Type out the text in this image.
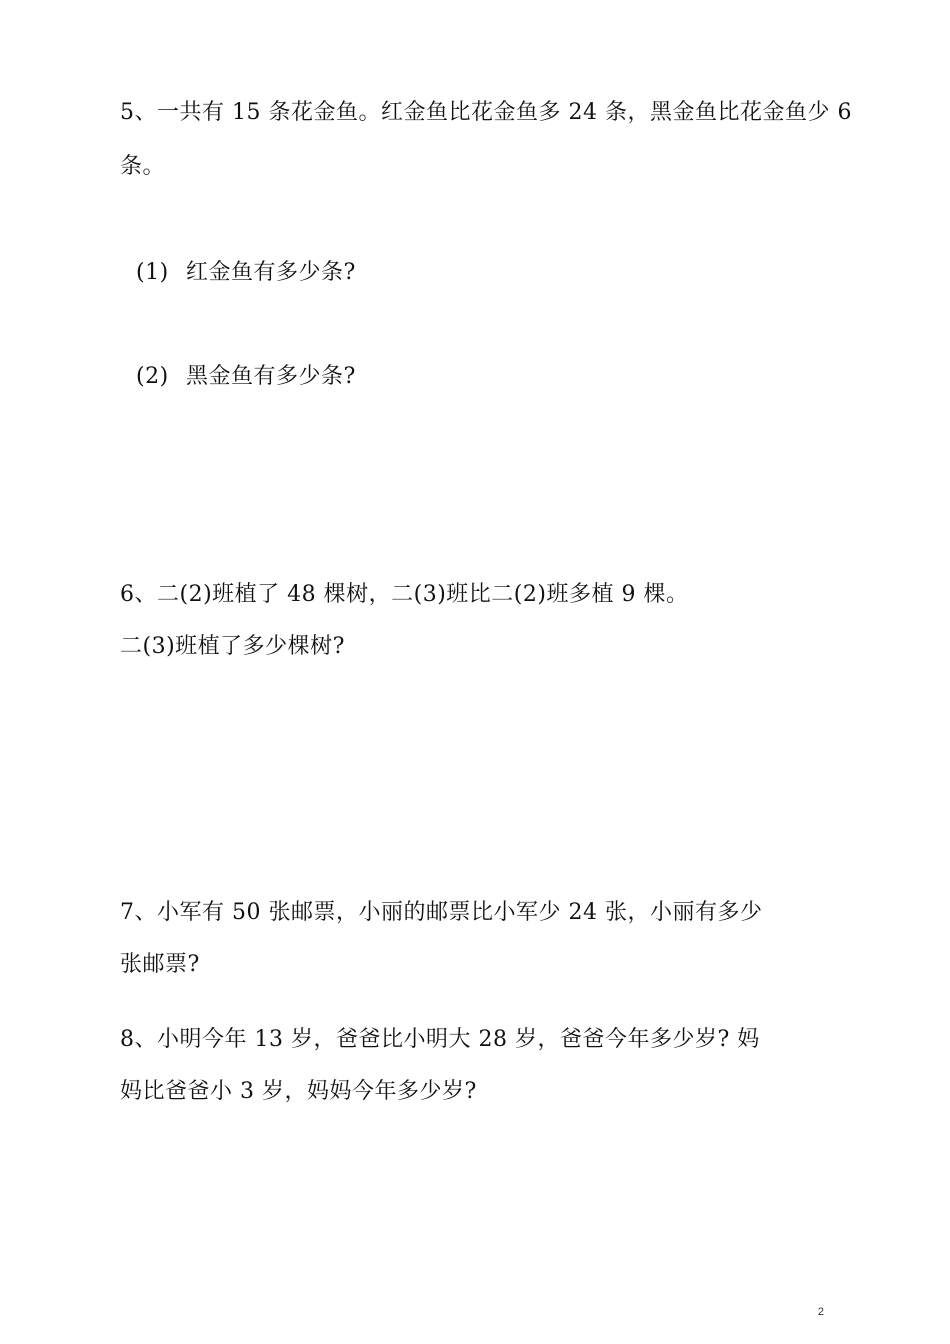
5、一共有 15 条花金鱼。红金鱼比花金鱼多 24 条，黑金鱼比花金鱼少 6
条。
(1) 红金鱼有多少条?
(2) 黑金鱼有多少条?
6、二(2)班植了 48 棵树，二(3)班比二(2)班多植 9 棵。
二(3)班植了多少棵树?
7、小军有 50 张邮票，小丽的邮票比小军少 24 张，小丽有多少
张邮票?
8、小明今年 13 岁，爸爸比小明大 28 岁，爸爸今年多少岁? 妈
妈比爸爸小 3 岁，妈妈今年多少岁?
2
